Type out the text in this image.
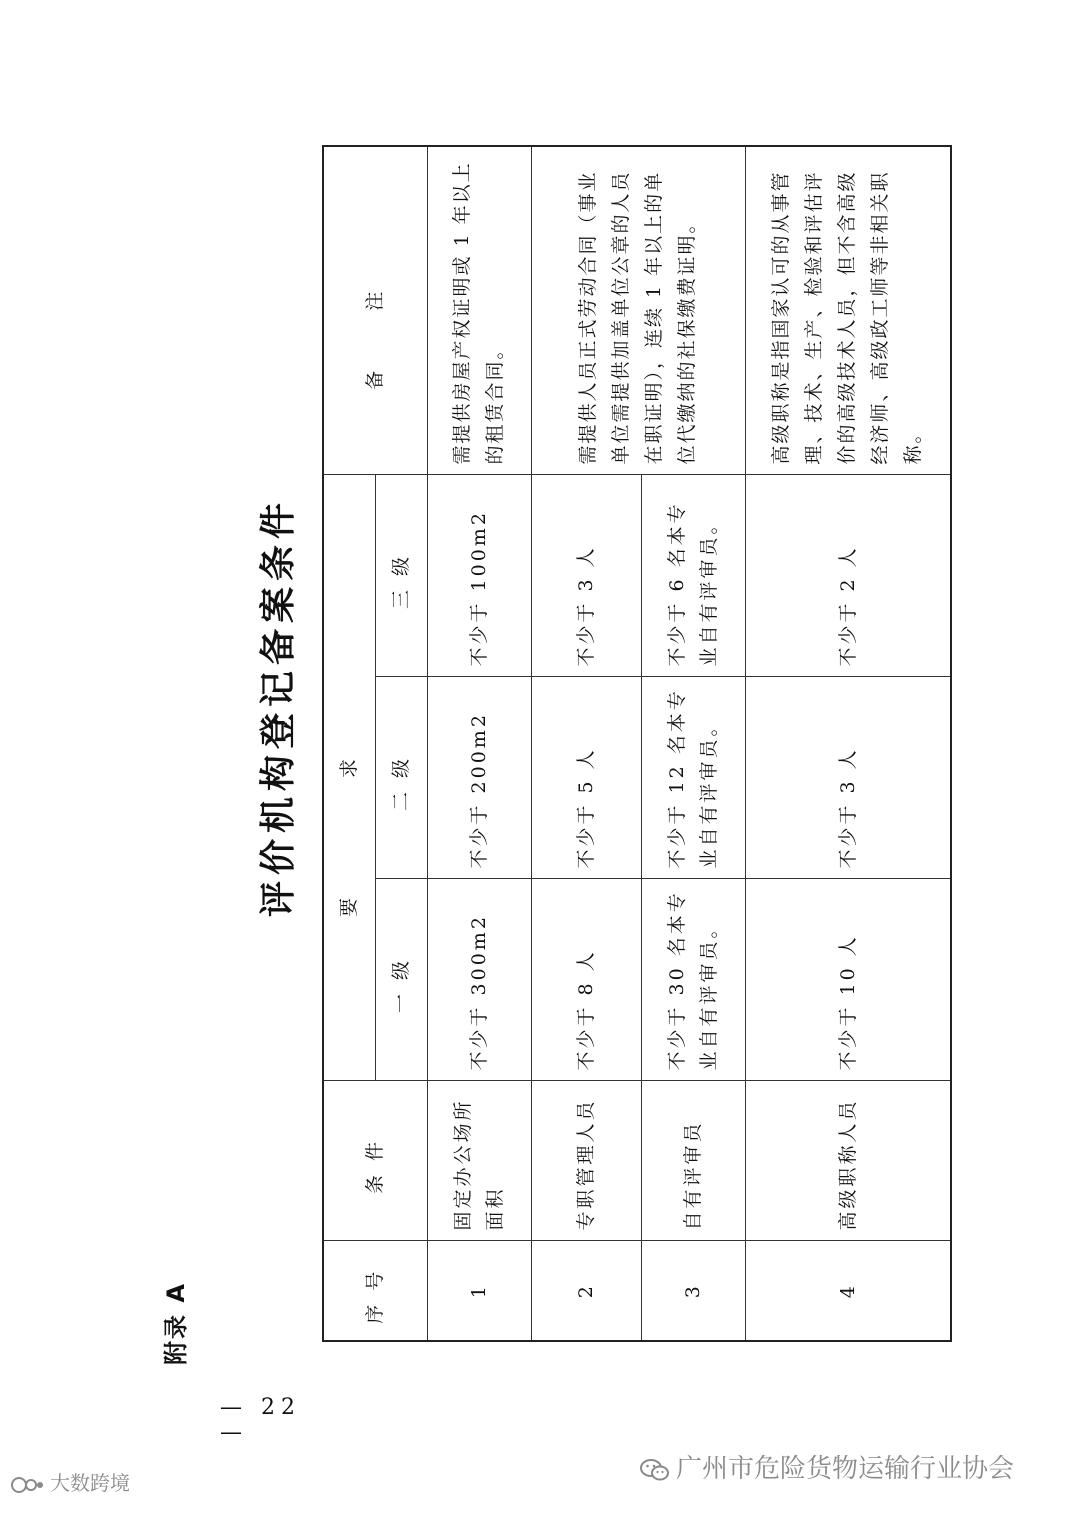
附录 A
评价机构登记备案条件
— 22 —
序号	条件	要求			备注
		一级	二级	三级	
1	固定办公场所面积	不少于 300m2	不少于 200m2	不少于 100m2	需提供房屋产权证明或 1 年以上的租赁合同。
2	专职管理人员	不少于 8 人	不少于 5 人	不少于 3 人	需提供人员正式劳动合同（事业单位需提供加盖单位公章的人员在职证明），连续 1 年以上的单位代缴纳的社保缴费证明。
3	自有评审员	不少于 30 名本专业自有评审员。	不少于 12 名本专业自有评审员。	不少于 6 名本专业自有评审员。	
4	高级职称人员	不少于 10 人	不少于 3 人	不少于 2 人	高级职称是指国家认可的从事管理、技术、生产、检验和评估评价的高级技术人员，但不含高级经济师、高级政工师等非相关职称。
广州市危险货物运输行业协会
大数跨境
